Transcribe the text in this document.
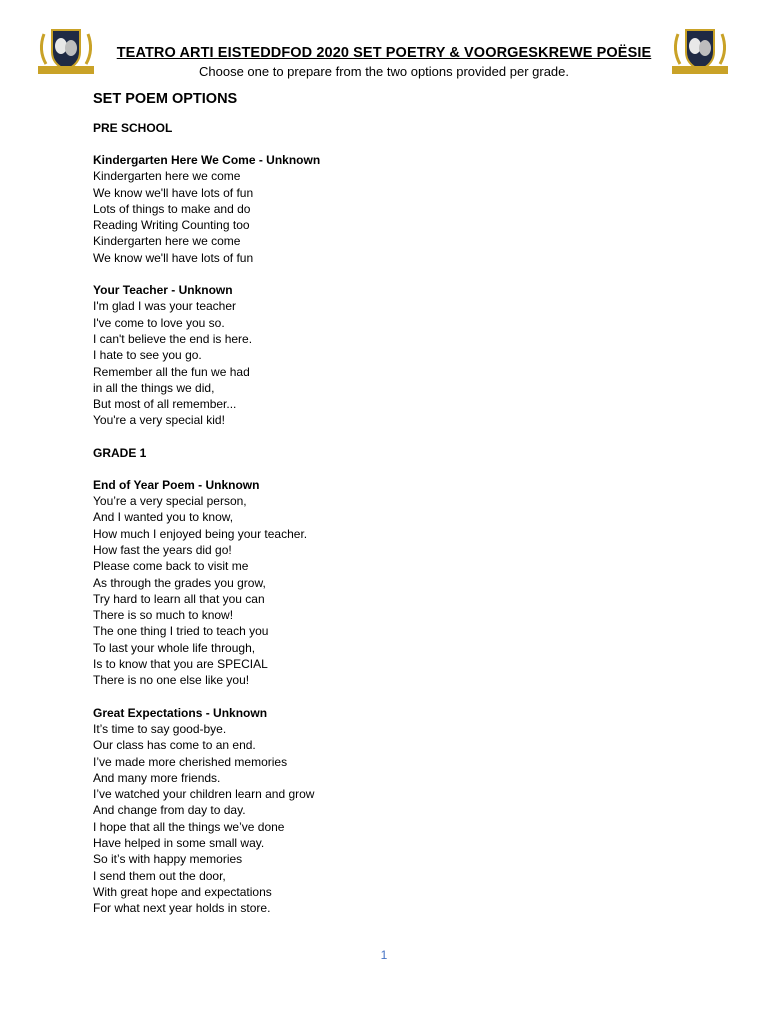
TEATRO ARTI EISTEDDFOD 2020 SET POETRY & VOORGESKREWE POËSIE
Choose one to prepare from the two options provided per grade.
SET POEM OPTIONS
PRE SCHOOL
Kindergarten Here We Come - Unknown
Kindergarten here we come
We know we'll have lots of fun
Lots of things to make and do
Reading Writing Counting too
Kindergarten here we come
We know we'll have lots of fun
Your Teacher - Unknown
I'm glad I was your teacher
I've come to love you so.
I can't believe the end is here.
I hate to see you go.
Remember all the fun we had
in all the things we did,
But most of all remember...
You're a very special kid!
GRADE 1
End of Year Poem - Unknown
You’re a very special person,
And I wanted you to know,
How much I enjoyed being your teacher.
How fast the years did go!
Please come back to visit me
As through the grades you grow,
Try hard to learn all that you can
There is so much to know!
The one thing I tried to teach you
To last your whole life through,
Is to know that you are SPECIAL
There is no one else like you!
Great Expectations - Unknown
It’s time to say good-bye.
Our class has come to an end.
I’ve made more cherished memories
And many more friends.
I’ve watched your children learn and grow
And change from day to day.
I hope that all the things we’ve done
Have helped in some small way.
So it’s with happy memories
I send them out the door,
With great hope and expectations
For what next year holds in store.
1
